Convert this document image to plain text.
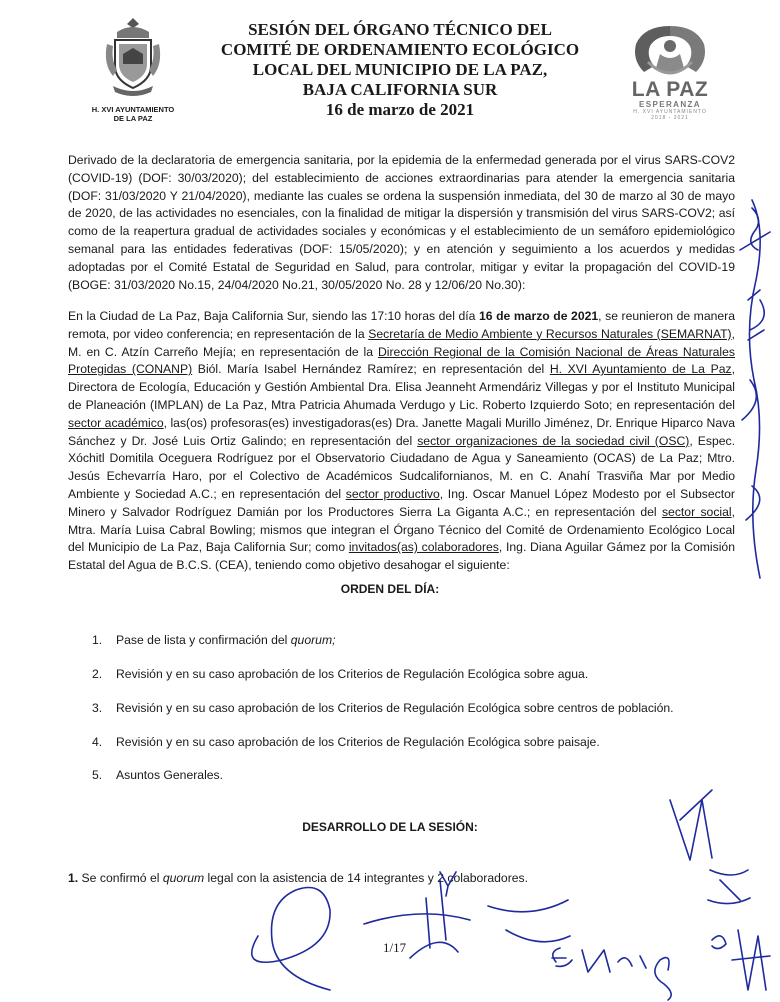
H. XVI AYUNTAMIENTO
DE LA PAZ
SESIÓN DEL ÓRGANO TÉCNICO DEL
COMITÉ DE ORDENAMIENTO ECOLÓGICO
LOCAL DEL MUNICIPIO DE LA PAZ,
BAJA CALIFORNIA SUR
16 de marzo de 2021
LA PAZ
ESPERANZA
H. XVI AYUNTAMIENTO
2018 - 2021
Derivado de la declaratoria de emergencia sanitaria, por la epidemia de la enfermedad generada por el virus SARS-COV2 (COVID-19) (DOF: 30/03/2020); del establecimiento de acciones extraordinarias para atender la emergencia sanitaria (DOF: 31/03/2020 Y 21/04/2020), mediante las cuales se ordena la suspensión inmediata, del 30 de marzo al 30 de mayo de 2020, de las actividades no esenciales, con la finalidad de mitigar la dispersión y transmisión del virus SARS-COV2; así como de la reapertura gradual de actividades sociales y económicas y el establecimiento de un semáforo epidemiológico semanal para las entidades federativas (DOF: 15/05/2020); y en atención y seguimiento a los acuerdos y medidas adoptadas por el Comité Estatal de Seguridad en Salud, para controlar, mitigar y evitar la propagación del COVID-19 (BOGE: 31/03/2020 No.15, 24/04/2020 No.21, 30/05/2020 No. 28 y 12/06/20 No.30):
En la Ciudad de La Paz, Baja California Sur, siendo las 17:10 horas del día 16 de marzo de 2021, se reunieron de manera remota, por video conferencia; en representación de la Secretaría de Medio Ambiente y Recursos Naturales (SEMARNAT), M. en C. Atzín Carreño Mejía; en representación de la Dirección Regional de la Comisión Nacional de Áreas Naturales Protegidas (CONANP) Biól. María Isabel Hernández Ramírez; en representación del H. XVI Ayuntamiento de La Paz, Directora de Ecología, Educación y Gestión Ambiental Dra. Elisa Jeanneht Armendáriz Villegas y por el Instituto Municipal de Planeación (IMPLAN) de La Paz, Mtra Patricia Ahumada Verdugo y Lic. Roberto Izquierdo Soto; en representación del sector académico, las(os) profesoras(es) investigadoras(es) Dra. Janette Magali Murillo Jiménez, Dr. Enrique Hiparco Nava Sánchez y Dr. José Luis Ortiz Galindo; en representación del sector organizaciones de la sociedad civil (OSC), Espec. Xóchitl Domitila Oceguera Rodríguez por el Observatorio Ciudadano de Agua y Saneamiento (OCAS) de La Paz; Mtro. Jesús Echevarría Haro, por el Colectivo de Académicos Sudcalifornianos, M. en C. Anahí Trasviña Mar por Medio Ambiente y Sociedad A.C.; en representación del sector productivo, Ing. Oscar Manuel López Modesto por el Subsector Minero y Salvador Rodríguez Damián por los Productores Sierra La Giganta A.C.; en representación del sector social, Mtra. María Luisa Cabral Bowling; mismos que integran el Órgano Técnico del Comité de Ordenamiento Ecológico Local del Municipio de La Paz, Baja California Sur; como invitados(as) colaboradores, Ing. Diana Aguilar Gámez por la Comisión Estatal del Agua de B.C.S. (CEA), teniendo como objetivo desahogar el siguiente:
ORDEN DEL DÍA:
1. Pase de lista y confirmación del quorum;
2. Revisión y en su caso aprobación de los Criterios de Regulación Ecológica sobre agua.
3. Revisión y en su caso aprobación de los Criterios de Regulación Ecológica sobre centros de población.
4. Revisión y en su caso aprobación de los Criterios de Regulación Ecológica sobre paisaje.
5. Asuntos Generales.
DESARROLLO DE LA SESIÓN:
1. Se confirmó el quorum legal con la asistencia de 14 integrantes y 2 colaboradores.
1/17
